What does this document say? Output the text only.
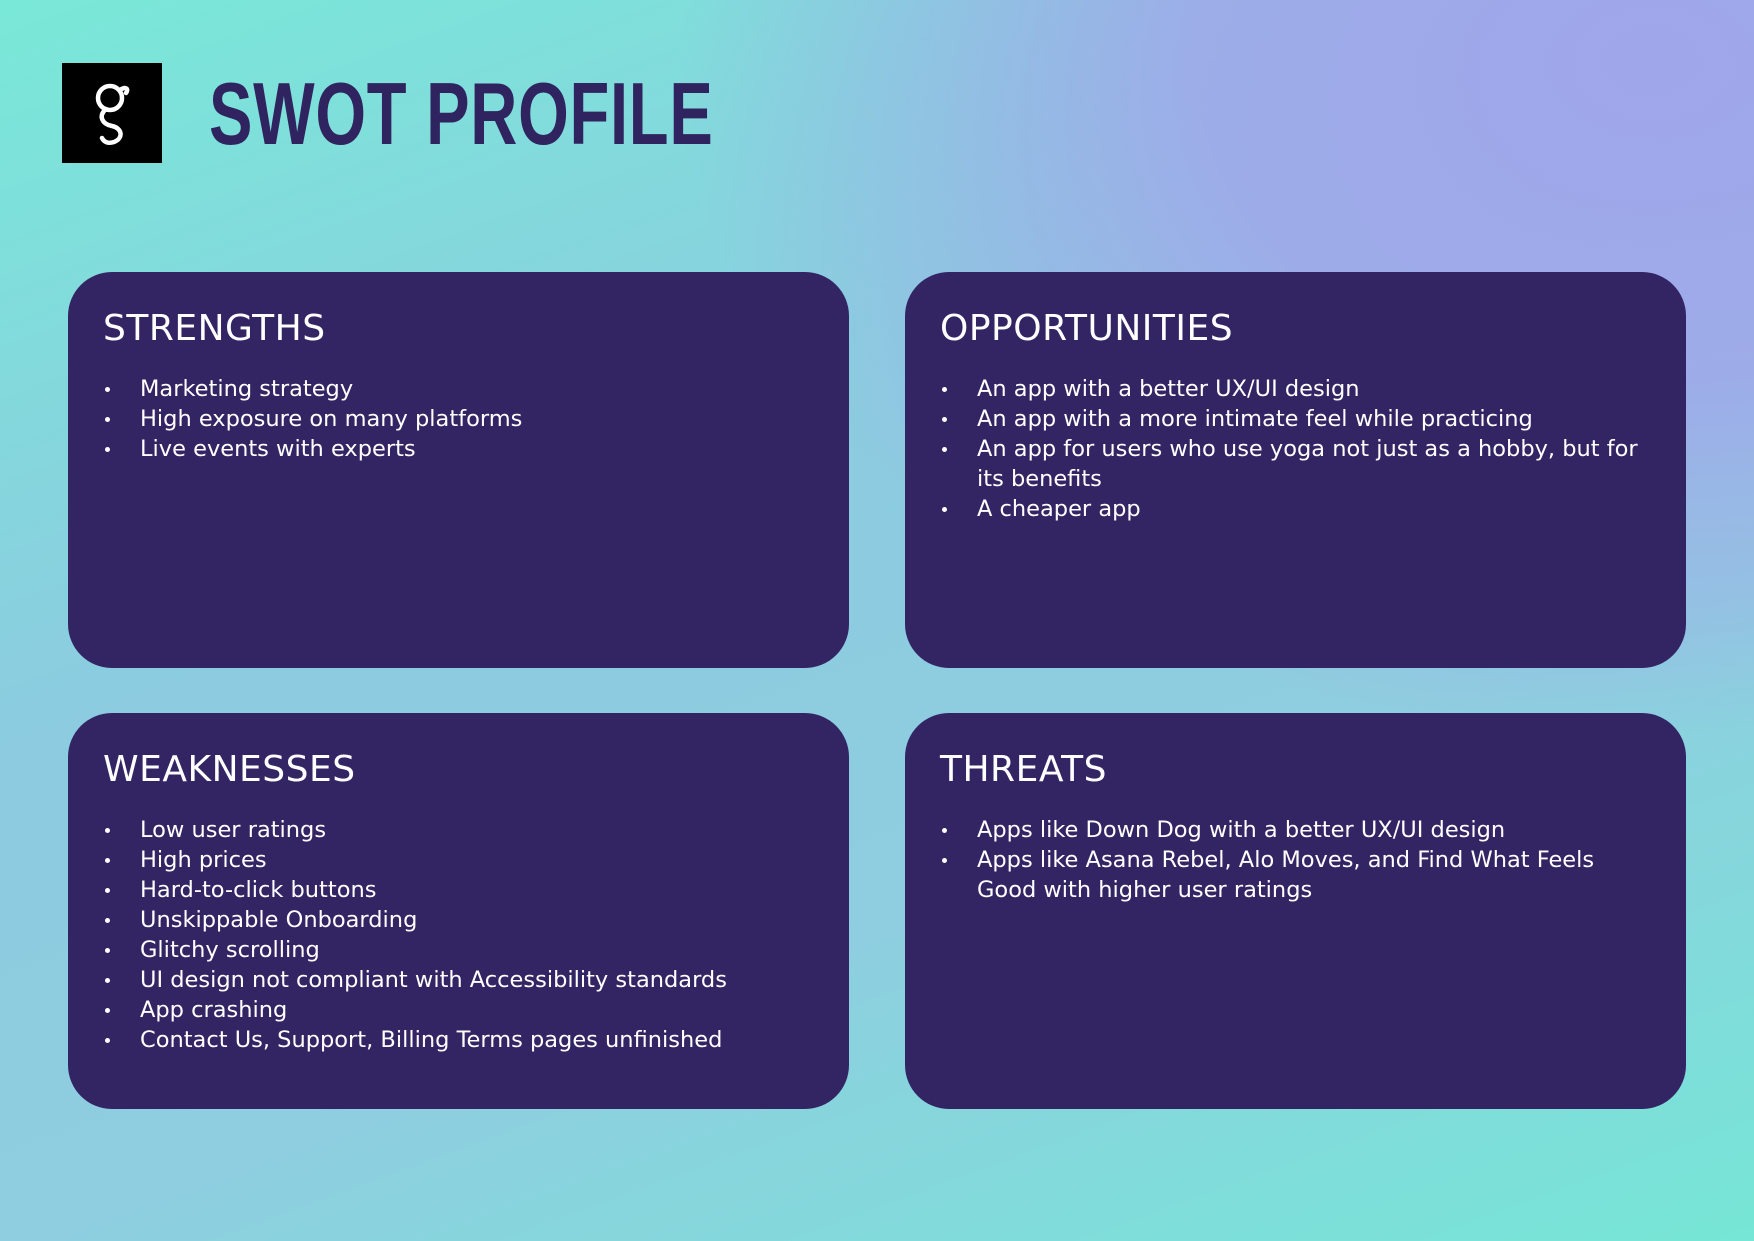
SWOT PROFILE
STRENGTHS
Marketing strategy
High exposure on many platforms
Live events with experts
OPPORTUNITIES
An app with a better UX/UI design
An app with a more intimate feel while practicing
An app for users who use yoga not just as a hobby, but for its benefits
A cheaper app
WEAKNESSES
Low user ratings
High prices
Hard-to-click buttons
Unskippable Onboarding
Glitchy scrolling
UI design not compliant with Accessibility standards
App crashing
Contact Us, Support, Billing Terms pages unfinished
THREATS
Apps like Down Dog with a better UX/UI design
Apps like Asana Rebel, Alo Moves, and Find What Feels Good with higher user ratings
